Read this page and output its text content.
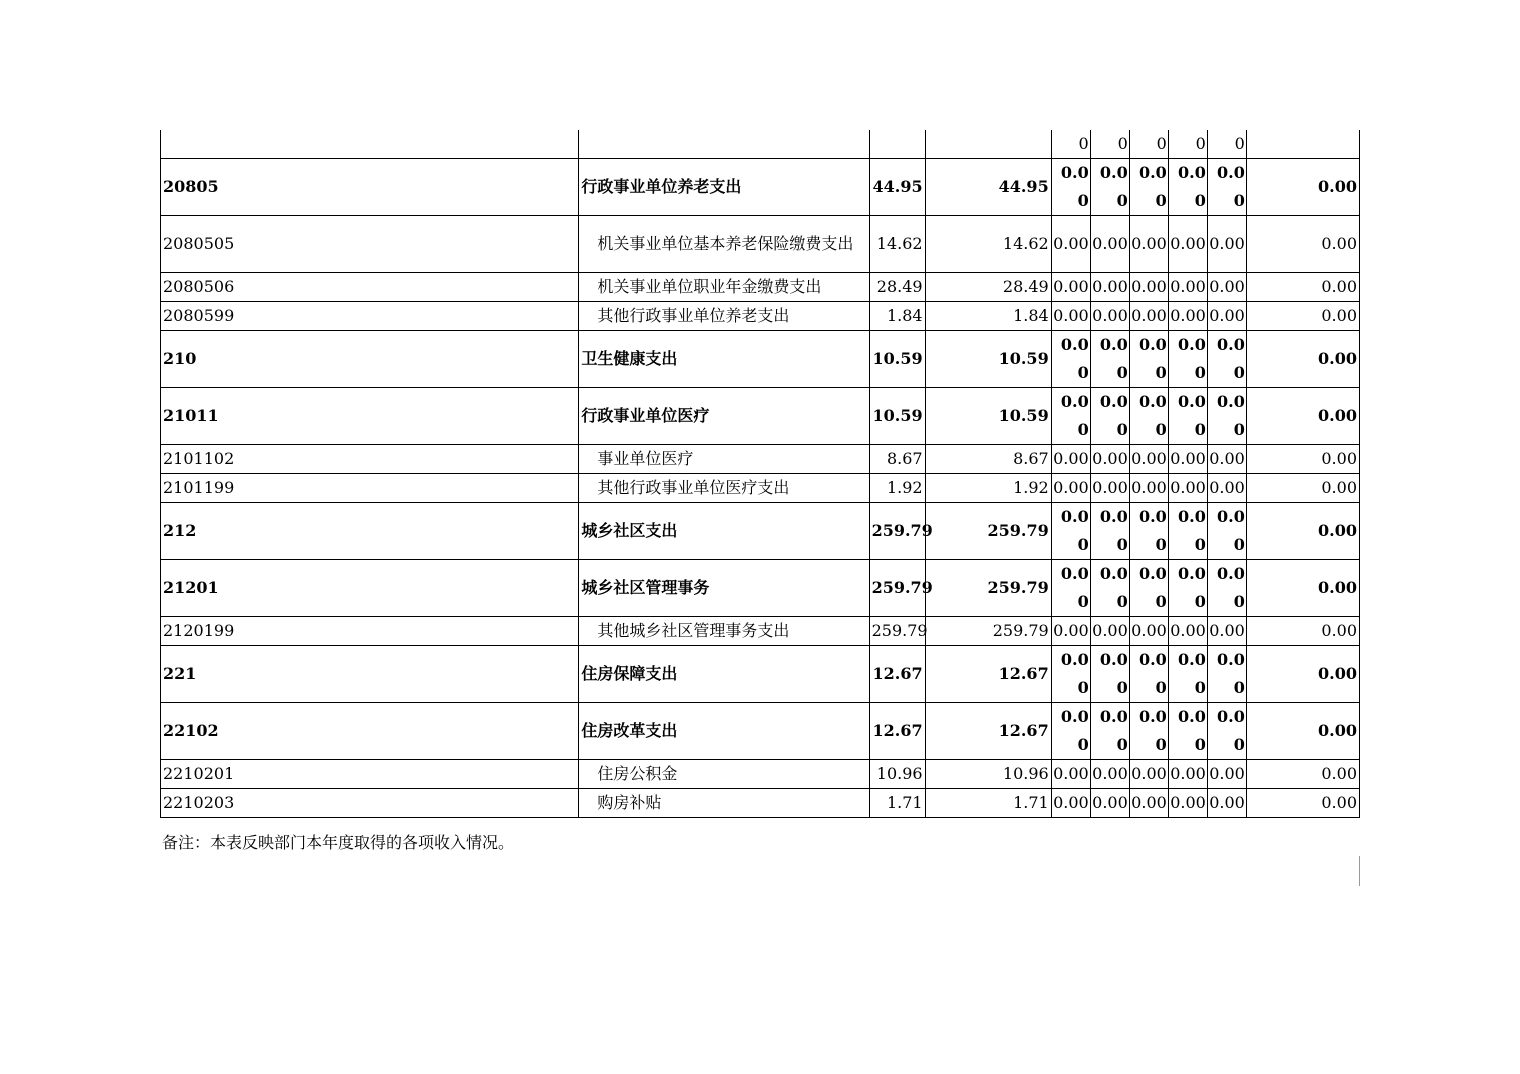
				0	0	0	0	0	
20805	行政事业单位养老支出	44.95	44.95	0.00	0.00	0.00	0.00	0.00	0.00
2080505	机关事业单位基本养老保险缴费支出	14.62	14.62	0.00	0.00	0.00	0.00	0.00	0.00
2080506	机关事业单位职业年金缴费支出	28.49	28.49	0.00	0.00	0.00	0.00	0.00	0.00
2080599	其他行政事业单位养老支出	1.84	1.84	0.00	0.00	0.00	0.00	0.00	0.00
210	卫生健康支出	10.59	10.59	0.00	0.00	0.00	0.00	0.00	0.00
21011	行政事业单位医疗	10.59	10.59	0.00	0.00	0.00	0.00	0.00	0.00
2101102	事业单位医疗	8.67	8.67	0.00	0.00	0.00	0.00	0.00	0.00
2101199	其他行政事业单位医疗支出	1.92	1.92	0.00	0.00	0.00	0.00	0.00	0.00
212	城乡社区支出	259.79	259.79	0.00	0.00	0.00	0.00	0.00	0.00
21201	城乡社区管理事务	259.79	259.79	0.00	0.00	0.00	0.00	0.00	0.00
2120199	其他城乡社区管理事务支出	259.79	259.79	0.00	0.00	0.00	0.00	0.00	0.00
221	住房保障支出	12.67	12.67	0.00	0.00	0.00	0.00	0.00	0.00
22102	住房改革支出	12.67	12.67	0.00	0.00	0.00	0.00	0.00	0.00
2210201	住房公积金	10.96	10.96	0.00	0.00	0.00	0.00	0.00	0.00
2210203	购房补贴	1.71	1.71	0.00	0.00	0.00	0.00	0.00	0.00
备注：本表反映部门本年度取得的各项收入情况。
